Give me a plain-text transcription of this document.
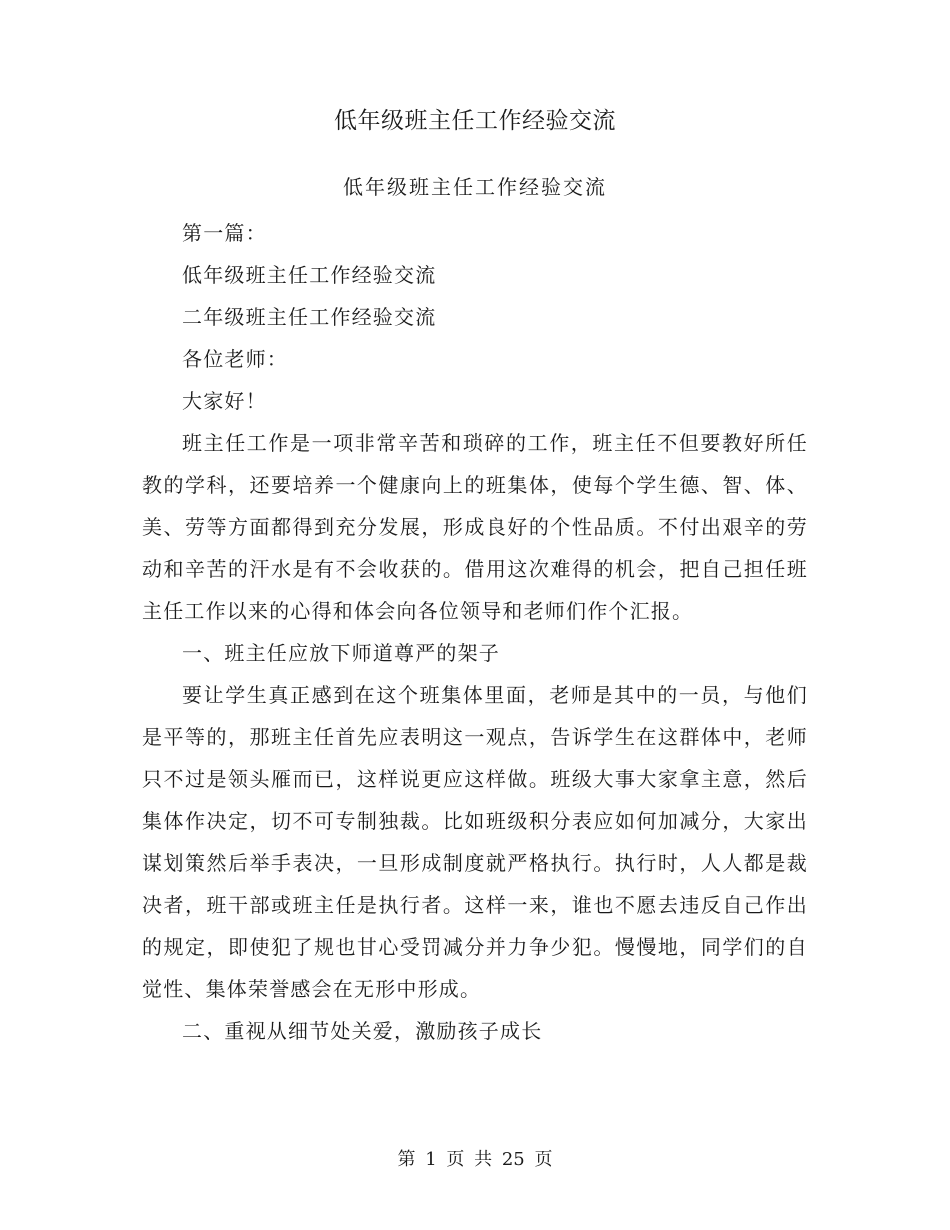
低年级班主任工作经验交流
低年级班主任工作经验交流

第一篇：

低年级班主任工作经验交流

二年级班主任工作经验交流

各位老师：

大家好！

班主任工作是一项非常辛苦和琐碎的工作，班主任不但要教好所任教的学科，还要培养一个健康向上的班集体，使每个学生德、智、体、美、劳等方面都得到充分发展，形成良好的个性品质。不付出艰辛的劳动和辛苦的汗水是有不会收获的。借用这次难得的机会，把自己担任班主任工作以来的心得和体会向各位领导和老师们作个汇报。

一、班主任应放下师道尊严的架子

要让学生真正感到在这个班集体里面，老师是其中的一员，与他们是平等的，那班主任首先应表明这一观点，告诉学生在这群体中，老师只不过是领头雁而已，这样说更应这样做。班级大事大家拿主意，然后集体作决定，切不可专制独裁。比如班级积分表应如何加减分，大家出谋划策然后举手表决，一旦形成制度就严格执行。执行时，人人都是裁决者，班干部或班主任是执行者。这样一来，谁也不愿去违反自己作出的规定，即使犯了规也甘心受罚减分并力争少犯。慢慢地，同学们的自觉性、集体荣誉感会在无形中形成。

二、重视从细节处关爱，激励孩子成长

第 1 页 共 25 页
